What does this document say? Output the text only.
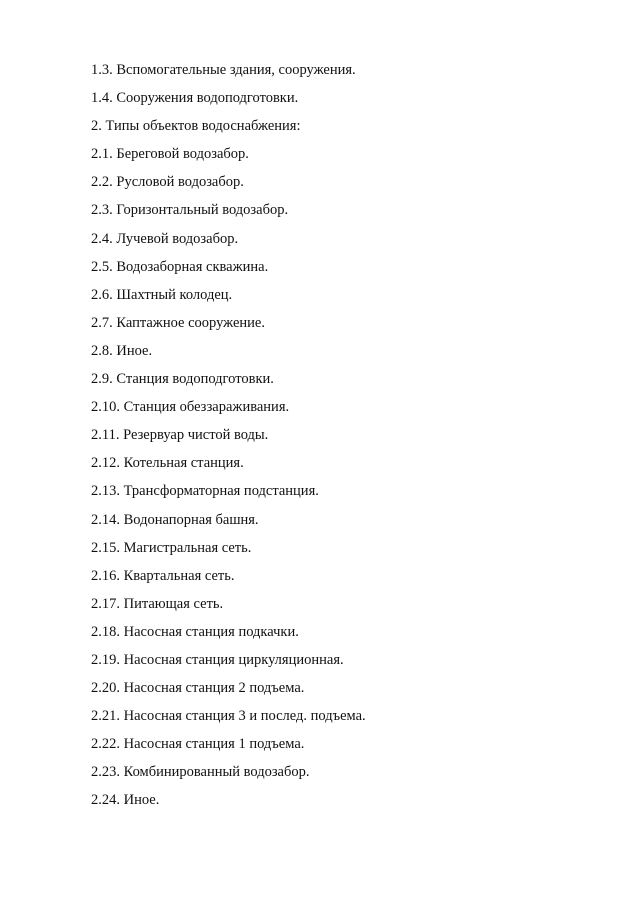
1.3. Вспомогательные здания, сооружения.
1.4. Сооружения водоподготовки.
2. Типы объектов водоснабжения:
2.1. Береговой водозабор.
2.2. Русловой водозабор.
2.3. Горизонтальный водозабор.
2.4. Лучевой водозабор.
2.5. Водозаборная скважина.
2.6. Шахтный колодец.
2.7. Каптажное сооружение.
2.8. Иное.
2.9. Станция водоподготовки.
2.10. Станция обеззараживания.
2.11. Резервуар чистой воды.
2.12. Котельная станция.
2.13. Трансформаторная подстанция.
2.14. Водонапорная башня.
2.15. Магистральная сеть.
2.16. Квартальная сеть.
2.17. Питающая сеть.
2.18. Насосная станция подкачки.
2.19. Насосная станция циркуляционная.
2.20. Насосная станция 2 подъема.
2.21. Насосная станция 3 и послед. подъема.
2.22. Насосная станция 1 подъема.
2.23. Комбинированный водозабор.
2.24. Иное.
